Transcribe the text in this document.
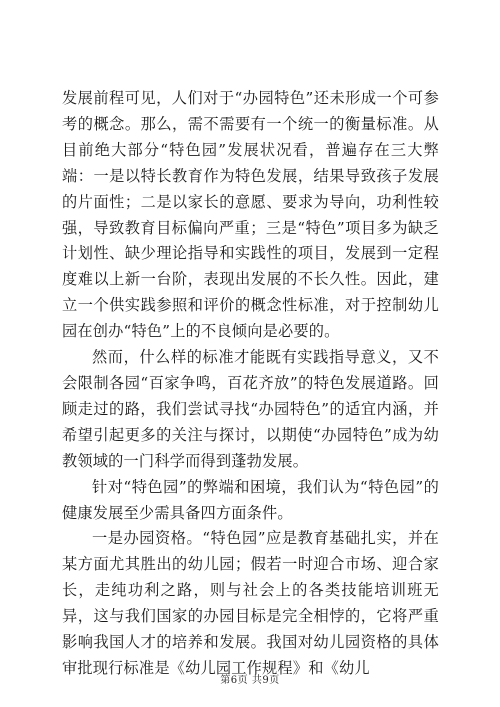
发展前程可见，人们对于“办园特色”还未形成一个可参考的概念。那么，需不需要有一个统一的衡量标准。从目前绝大部分“特色园”发展状况看，普遍存在三大弊端：一是以特长教育作为特色发展，结果导致孩子发展的片面性；二是以家长的意愿、要求为导向，功利性较强，导致教育目标偏向严重；三是“特色”项目多为缺乏计划性、缺少理论指导和实践性的项目，发展到一定程度难以上新一台阶，表现出发展的不长久性。因此，建立一个供实践参照和评价的概念性标准，对于控制幼儿园在创办“特色”上的不良倾向是必要的。

然而，什么样的标准才能既有实践指导意义，又不会限制各园“百家争鸣，百花齐放”的特色发展道路。回顾走过的路，我们尝试寻找“办园特色”的适宜内涵，并希望引起更多的关注与探讨，以期使“办园特色”成为幼教领域的一门科学而得到蓬勃发展。

针对“特色园”的弊端和困境，我们认为“特色园”的健康发展至少需具备四方面条件。

一是办园资格。“特色园”应是教育基础扎实，并在某方面尤其胜出的幼儿园；假若一时迎合市场、迎合家长，走纯功利之路，则与社会上的各类技能培训班无异，这与我们国家的办园目标是完全相悖的，它将严重影响我国人才的培养和发展。我国对幼儿园资格的具体审批现行标准是《幼儿园工作规程》和《幼儿

第6页 共9页
